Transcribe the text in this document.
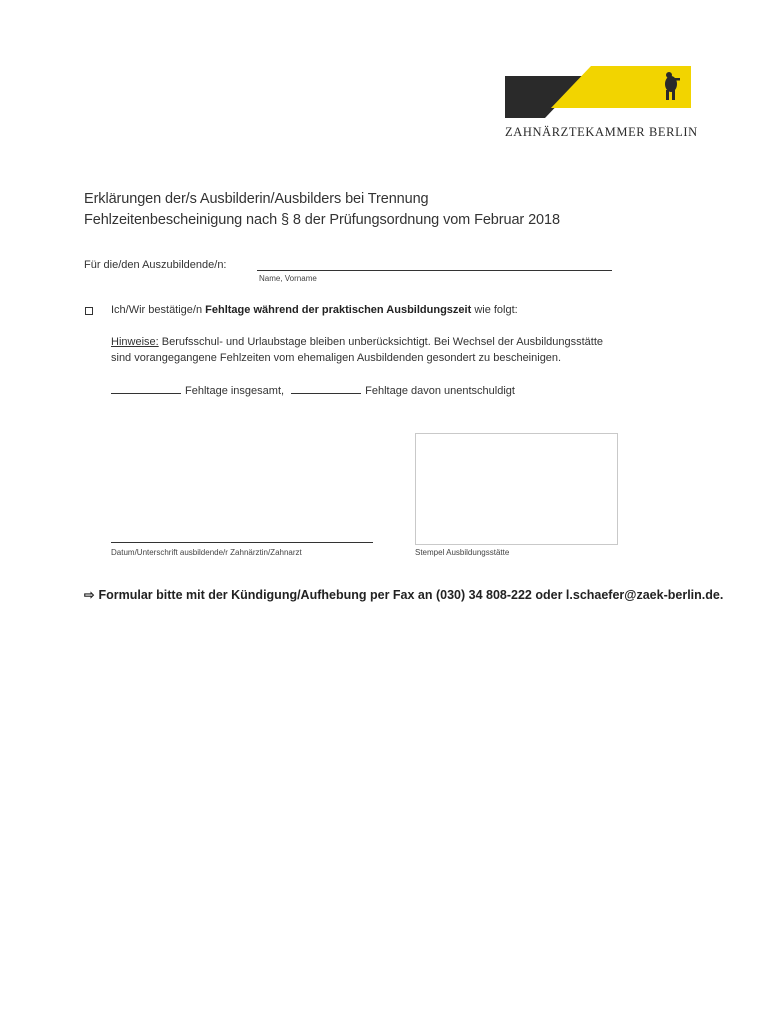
ZAHNÄRZTEKAMMER BERLIN
Erklärungen der/s Ausbilderin/Ausbilders bei Trennung
Fehlzeitenbescheinigung nach § 8 der Prüfungsordnung vom Februar 2018
Für die/den Auszubildende/n:
Name, Vorname
Ich/Wir bestätige/n Fehltage während der praktischen Ausbildungszeit wie folgt:
Hinweise: Berufsschul- und Urlaubstage bleiben unberücksichtigt. Bei Wechsel der Ausbildungsstätte
sind vorangegangene Fehlzeiten vom ehemaligen Ausbildenden gesondert zu bescheinigen.
Fehltage insgesamt,	Fehltage davon unentschuldigt
Datum/Unterschrift ausbildende/r Zahnärztin/Zahnarzt	Stempel Ausbildungsstätte
⇨ Formular bitte mit der Kündigung/Aufhebung per Fax an (030) 34 808-222 oder l.schaefer@zaek-berlin.de.
